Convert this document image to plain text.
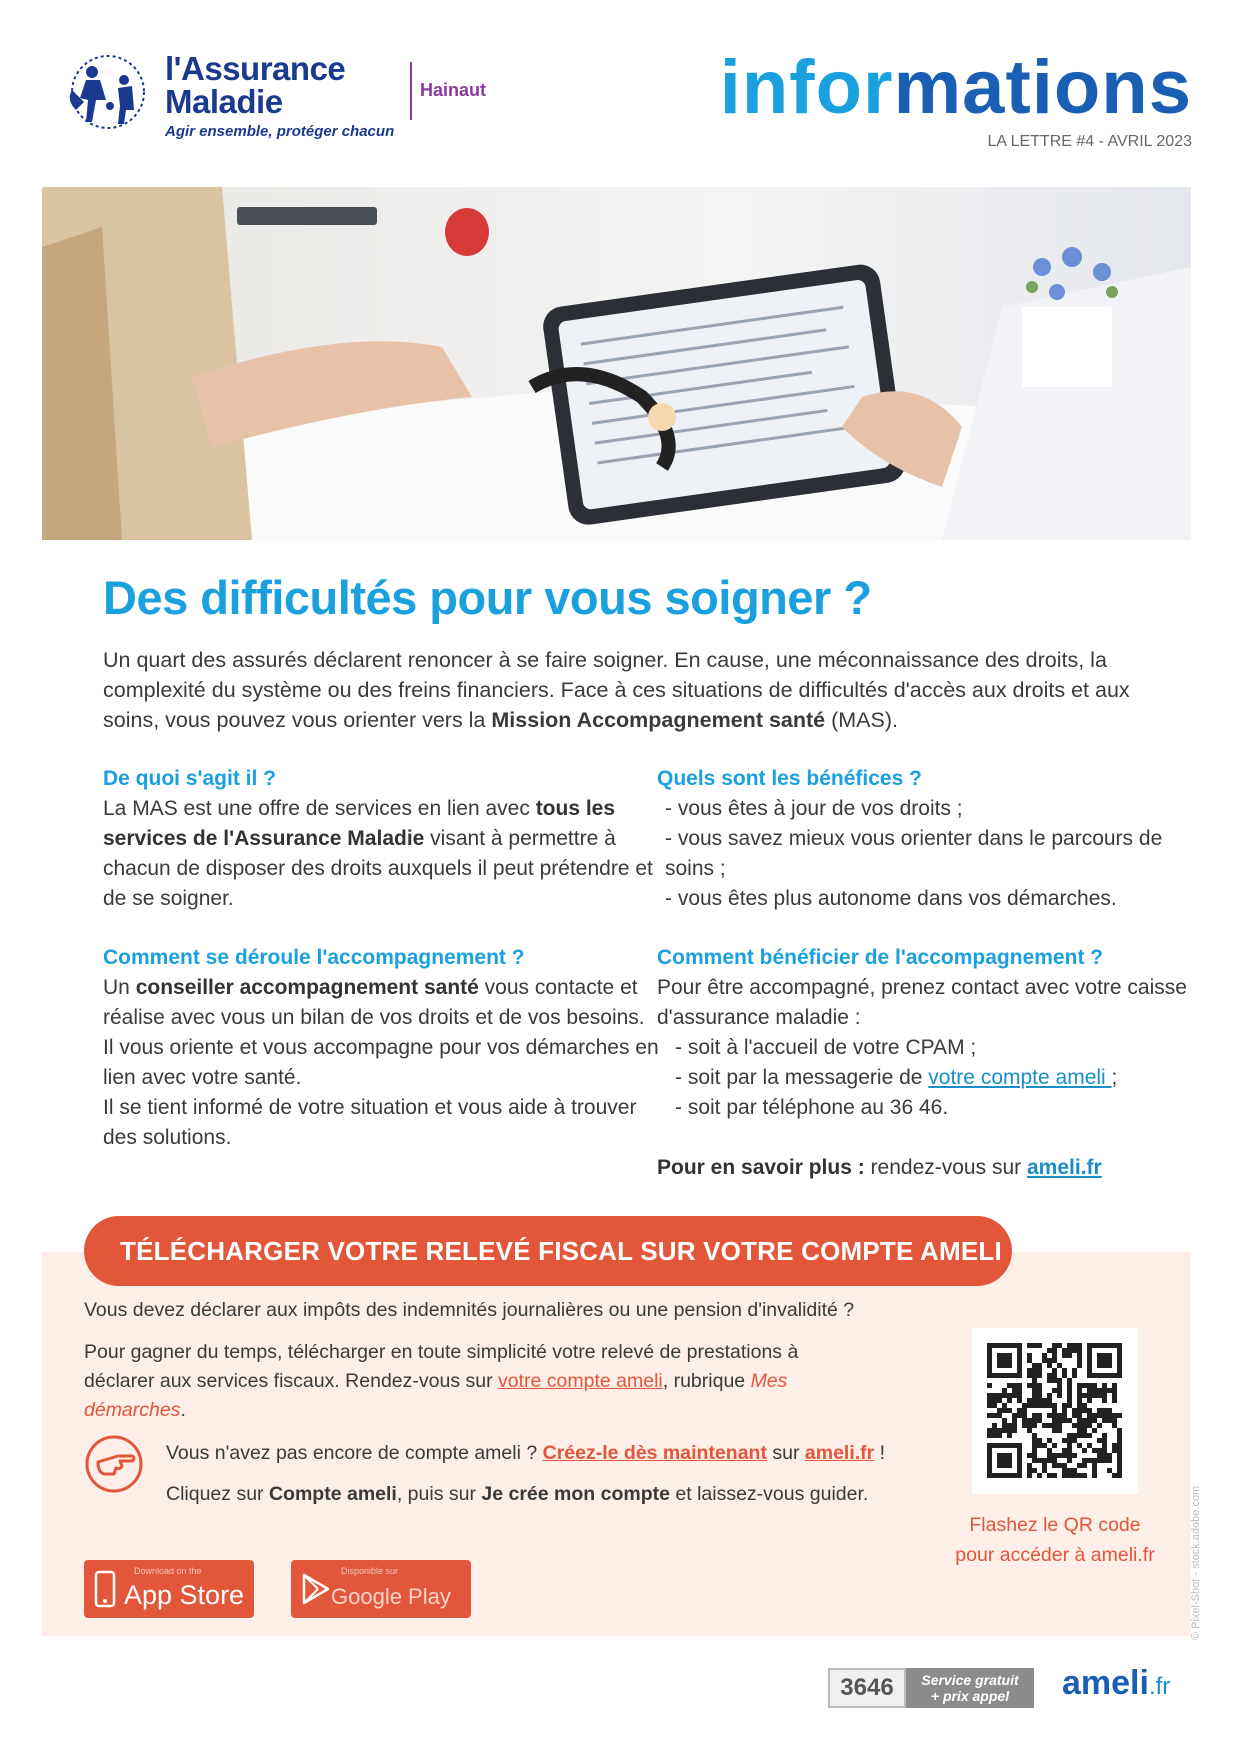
l'Assurance
Maladie
Agir ensemble, protéger chacun
Hainaut	informations
LA LETTRE #4 - AVRIL 2023
Des difficultés pour vous soigner ?
Un quart des assurés déclarent renoncer à se faire soigner. En cause, une méconnaissance des droits, la complexité du système ou des freins financiers. Face à ces situations de difficultés d'accès aux droits et aux soins, vous pouvez vous orienter vers la Mission Accompagnement santé (MAS).
De quoi s'agit il ?

La MAS est une offre de services en lien avec tous les services de l'Assurance Maladie visant à permettre à chacun de disposer des droits auxquels il peut prétendre et de se soigner.

Comment se déroule l'accompagnement ?

Un conseiller accompagnement santé vous contacte et réalise avec vous un bilan de vos droits et de vos besoins.

Il vous oriente et vous accompagne pour vos démarches en lien avec votre santé.

Il se tient informé de votre situation et vous aide à trouver des solutions.

Quels sont les bénéfices ?

- vous êtes à jour de vos droits ;

- vous savez mieux vous orienter dans le parcours de soins ;

- vous êtes plus autonome dans vos démarches.

Comment bénéficier de l'accompagnement ?

Pour être accompagné, prenez contact avec votre caisse d'assurance maladie :

- soit à l'accueil de votre CPAM ;

- soit par la messagerie de votre compte ameli ;

- soit par téléphone au 36 46.

Pour en savoir plus : rendez-vous sur ameli.fr

TÉLÉCHARGER VOTRE RELEVÉ FISCAL SUR VOTRE COMPTE AMELI
Vous devez déclarer aux impôts des indemnités journalières ou une pension d'invalidité ?
Pour gagner du temps, télécharger en toute simplicité votre relevé de prestations à déclarer aux services fiscaux. Rendez-vous sur votre compte ameli, rubrique Mes démarches.
Vous n'avez pas encore de compte ameli ? Créez-le dès maintenant sur ameli.fr !
Cliquez sur Compte ameli, puis sur Je crée mon compte et laissez-vous guider.
Flashez le QR code
pour accéder à ameli.fr
Download on the
App Store
Disponible sur
Google Play	© Pixel-Shot - stock.adobe.com
3646	Service gratuit
+ prix appel	ameli.fr
